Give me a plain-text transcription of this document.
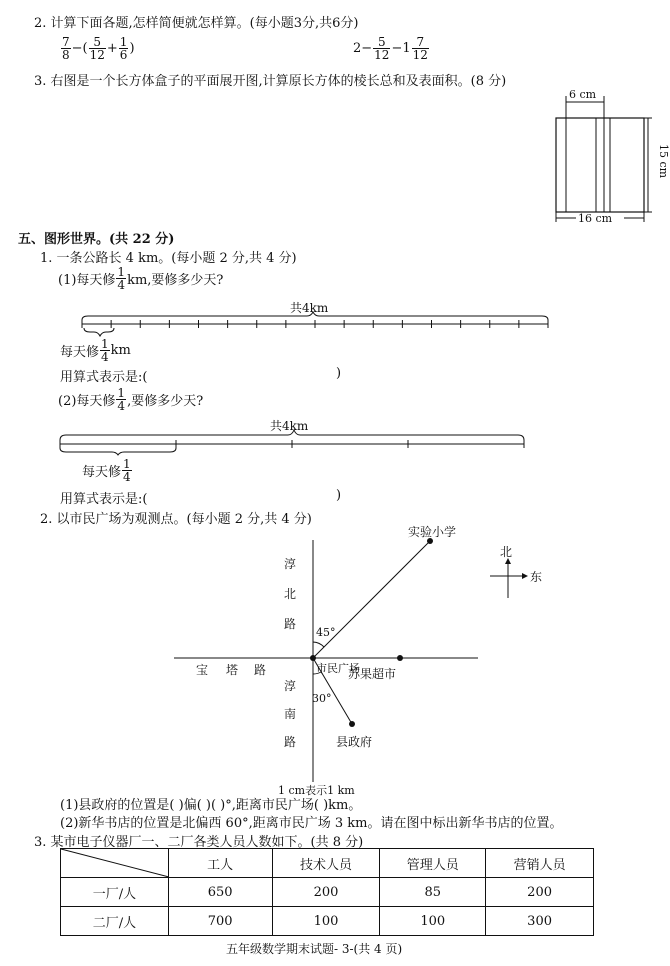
2. 计算下面各题,怎样简便就怎样算。(每小题3分,共6分)
$\frac{7}{8}$ −( $\frac{5}{12} + \frac{1}{6}$ )	$2- \frac{5}{12} -1 \frac{7}{12}$
3. 右图是一个长方体盒子的平面展开图,计算原长方体的棱长总和及表面积。(8 分)
6 cm
15 cm
16 cm
五、图形世界。(共 22 分)
1. 一条公路长 4 km。(每小题 2 分,共 4 分)
(1)每天修 $\frac{1}{4}$ km,要修多少天?
共4km
每天修 $\frac{1}{4}$ km
用算式表示是:(	)
(2)每天修 $\frac{1}{4}$ ,要修多少天?
共4km
每天修 $\frac{1}{4}$
用算式表示是:(	)
2. 以市民广场为观测点。(每小题 2 分,共 4 分)
实验小学
县政府
苏果超市
市民广场
45°
30°
淳
北
路
淳
南
路
宝 塔 路
北
东
1 cm表示1 km
(1)县政府的位置是( )偏( )( )°,距离市民广场( )km。
(2)新华书店的位置是北偏西 60°,距离市民广场 3 km。请在图中标出新华书店的位置。
3. 某市电子仪器厂一、二厂各类人员人数如下。(共 8 分)
	工人	技术人员	管理人员	营销人员
一厂/人	650	200	85	200
二厂/人	700	100	100	300
五年级数学期末试题- 3-(共 4 页)
